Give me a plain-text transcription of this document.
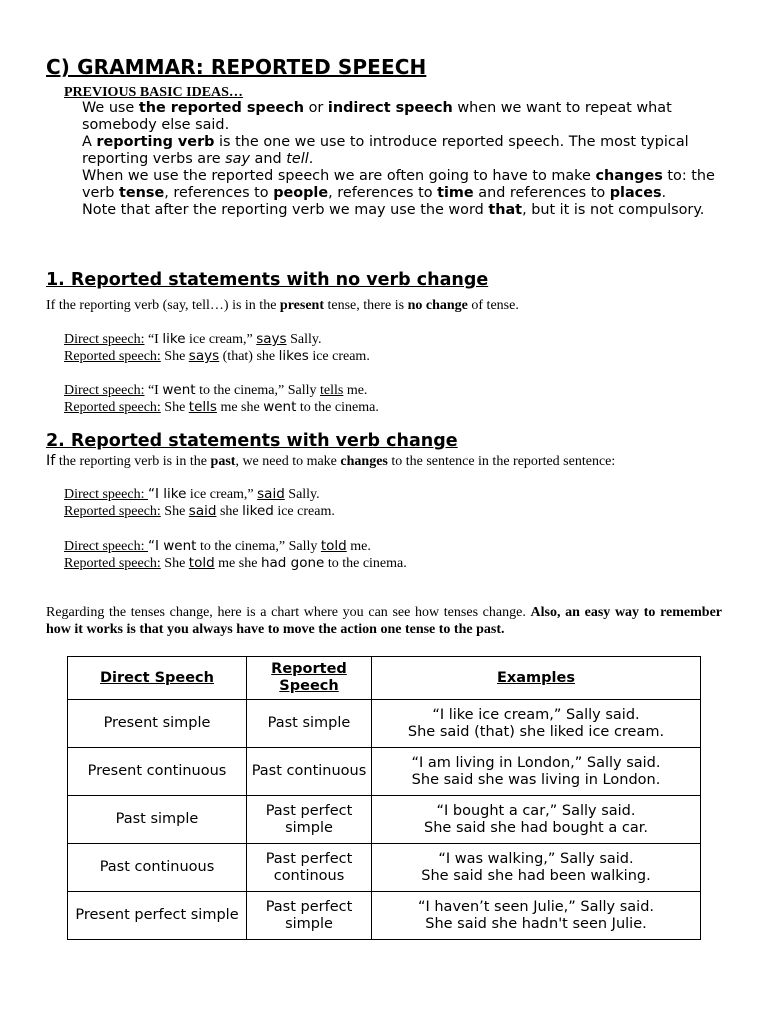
C) GRAMMAR: REPORTED SPEECH
PREVIOUS BASIC IDEAS…

We use the reported speech or indirect speech when we want to repeat what somebody else said.

A reporting verb is the one we use to introduce reported speech. The most typical reporting verbs are say and tell.

When we use the reported speech we are often going to have to make changes to: the verb tense, references to people, references to time and references to places.

Note that after the reporting verb we may use the word that, but it is not compulsory.

1. Reported statements with no verb change
If the reporting verb (say, tell…) is in the present tense, there is no change of tense.
Direct speech: “I like ice cream,” says Sally.
Reported speech: She says (that) she likes ice cream.
Direct speech: “I went to the cinema,” Sally tells me.
Reported speech: She tells me she went to the cinema.
2. Reported statements with verb change
If the reporting verb is in the past, we need to make changes to the sentence in the reported sentence:
Direct speech: “I like ice cream,” said Sally.
Reported speech: She said she liked ice cream.
Direct speech: “I went to the cinema,” Sally told me.
Reported speech: She told me she had gone to the cinema.
Regarding the tenses change, here is a chart where you can see how tenses change. Also, an easy way to remember how it works is that you always have to move the action one tense to the past.
Direct Speech	Reported Speech	Examples
Present simple	Past simple	“I like ice cream,” Sally said.
She said (that) she liked ice cream.

Present continuous	Past continuous	“I am living in London,” Sally said.
She said she was living in London.

Past simple	Past perfect simple	“I bought a car,” Sally said.
She said she had bought a car.

Past continuous	Past perfect continous	“I was walking,” Sally said.
She said she had been walking.

Present perfect simple	Past perfect simple	“I haven’t seen Julie,” Sally said.
She said she hadn't seen Julie.
